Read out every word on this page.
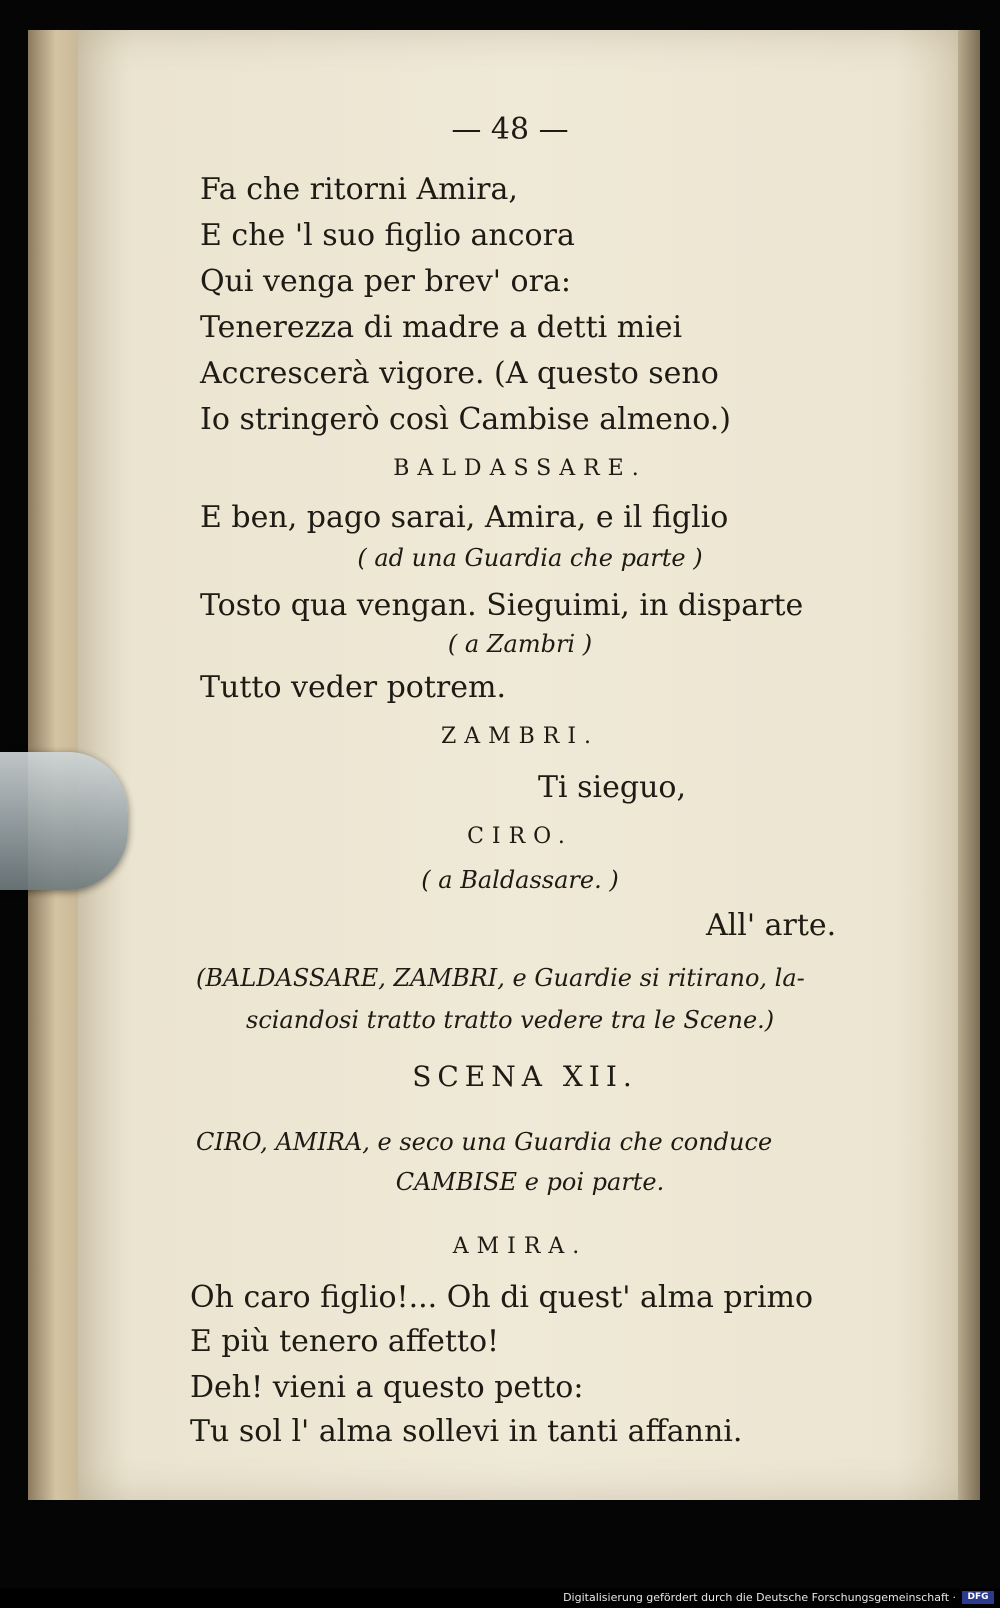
— 48 —
Fa che ritorni Amira,
E che 'l suo figlio ancora
Qui venga per brev' ora:
Tenerezza di madre a detti miei
Accrescerà vigore. (A questo seno
Io stringerò così Cambise almeno.)
BALDASSARE.
E ben, pago sarai, Amira, e il figlio
( ad una Guardia che parte )
Tosto qua vengan. Sieguimi, in disparte
( a Zambri )
Tutto veder potrem.
ZAMBRI.
Ti sieguo,
CIRO.
( a Baldassare. )
All' arte.
(BALDASSARE, ZAMBRI, e Guardie si ritirano, la-
sciandosi tratto tratto vedere tra le Scene.)
SCENA XII.
CIRO, AMIRA, e seco una Guardia che conduce
CAMBISE e poi parte.
AMIRA.
Oh caro figlio!... Oh di quest' alma primo
E più tenero affetto!
Deh! vieni a questo petto:
Tu sol l' alma sollevi in tanti affanni.
Digitalisierung gefördert durch die Deutsche Forschungsgemeinschaft ·	DFG
